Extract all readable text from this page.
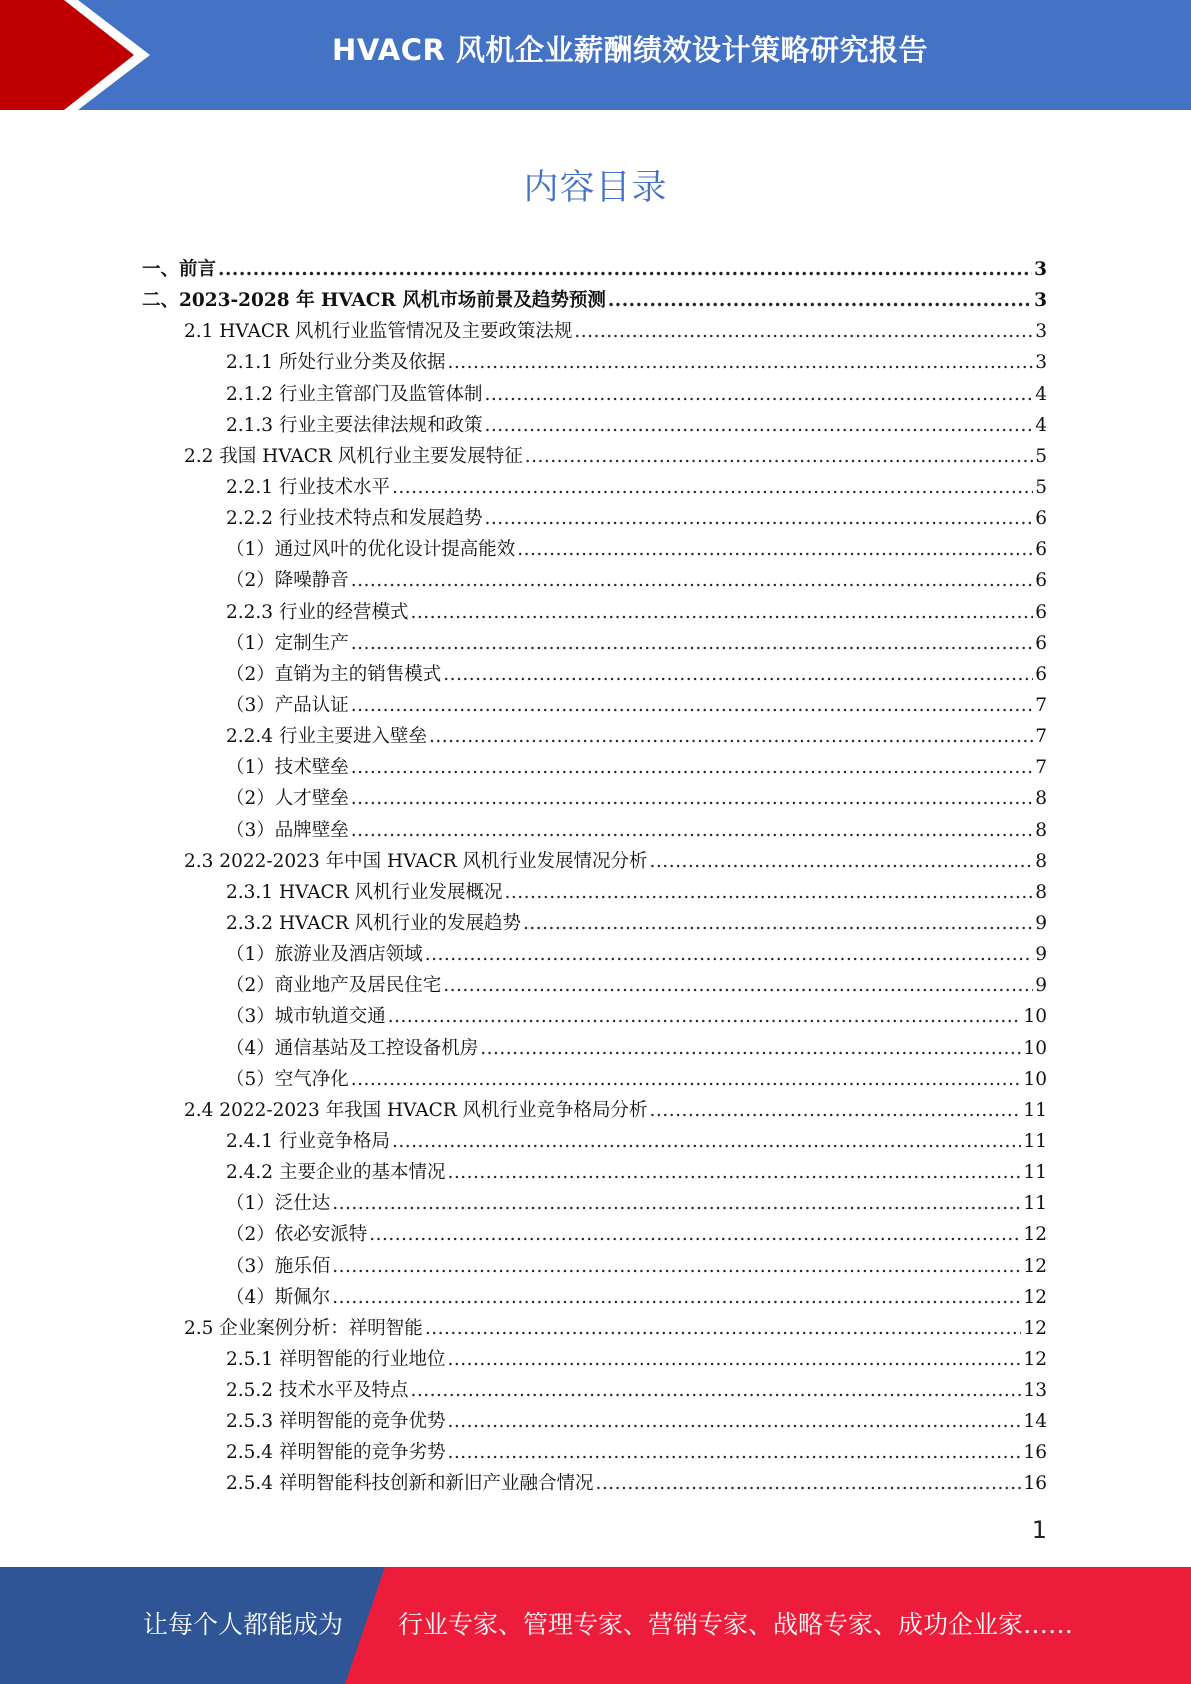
HVACR 风机企业薪酬绩效设计策略研究报告
内容目录
一、前言 .....	3
二、2023-2028 年 HVACR 风机市场前景及趋势预测 .....	3
2.1 HVACR 风机行业监管情况及主要政策法规 .....	3
2.1.1 所处行业分类及依据 .....	3
2.1.2 行业主管部门及监管体制 .....	4
2.1.3 行业主要法律法规和政策 .....	4
2.2 我国 HVACR 风机行业主要发展特征 .....	5
2.2.1 行业技术水平 .....	5
2.2.2 行业技术特点和发展趋势 .....	6
（1）通过风叶的优化设计提高能效 .....	6
（2）降噪静音 .....	6
2.2.3 行业的经营模式 .....	6
（1）定制生产 .....	6
（2）直销为主的销售模式 .....	6
（3）产品认证 .....	7
2.2.4 行业主要进入壁垒 .....	7
（1）技术壁垒 .....	7
（2）人才壁垒 .....	8
（3）品牌壁垒 .....	8
2.3 2022-2023 年中国 HVACR 风机行业发展情况分析 .....	8
2.3.1 HVACR 风机行业发展概况 .....	8
2.3.2 HVACR 风机行业的发展趋势 .....	9
（1）旅游业及酒店领域 .....	9
（2）商业地产及居民住宅 .....	9
（3）城市轨道交通 .....	10
（4）通信基站及工控设备机房 .....	10
（5）空气净化 .....	10
2.4 2022-2023 年我国 HVACR 风机行业竞争格局分析 .....	11
2.4.1 行业竞争格局 .....	11
2.4.2 主要企业的基本情况 .....	11
（1）泛仕达 .....	11
（2）依必安派特 .....	12
（3）施乐佰 .....	12
（4）斯佩尔 .....	12
2.5 企业案例分析：祥明智能 .....	12
2.5.1 祥明智能的行业地位 .....	12
2.5.2 技术水平及特点 .....	13
2.5.3 祥明智能的竞争优势 .....	14
2.5.4 祥明智能的竞争劣势 .....	16
2.5.4 祥明智能科技创新和新旧产业融合情况 .....	16
1
让每个人都能成为 行业专家、管理专家、营销专家、战略专家、成功企业家……
